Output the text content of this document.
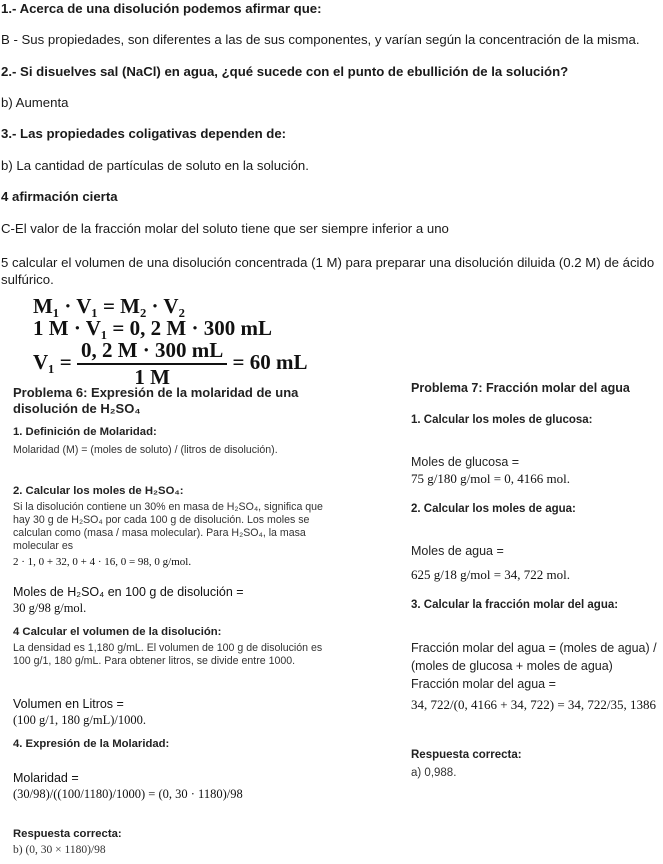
1.- Acerca de una disolución podemos afirmar que:
B - Sus propiedades, son diferentes a las de sus componentes, y varían según la concentración de la misma.
2.- Si disuelves sal (NaCl) en agua, ¿qué sucede con el punto de ebullición de la solución?
b) Aumenta
3.- Las propiedades coligativas dependen de:
b) La cantidad de partículas de soluto en la solución.
4 afirmación cierta
C-El valor de la fracción molar del soluto tiene que ser siempre inferior a uno
5 calcular el volumen de una disolución concentrada (1 M) para preparar una disolución diluida (0.2 M) de ácido sulfúrico.
M₁ · V₁ = M₂ · V₂
1 M · V₁ = 0, 2 M · 300 mL
$V_1 = \frac{0, 2 M \cdot 300 mL}{1 M} = 60$ mL
Problema 6: Expresión de la molaridad de una disolución de H₂SO₄
1. Definición de Molaridad:
Molaridad (M) = (moles de soluto) / (litros de disolución).
2. Calcular los moles de H₂SO₄:
Si la disolución contiene un 30% en masa de H₂SO₄, significa que hay 30 g de H₂SO₄ por cada 100 g de disolución. Los moles se calculan como (masa / masa molecular). Para H₂SO₄, la masa molecular es
2 · 1, 0 + 32, 0 + 4 · 16, 0 = 98, 0 g/mol.
Moles de H₂SO₄ en 100 g de disolución =
30 g/98 g/mol.
4 Calcular el volumen de la disolución:
La densidad es 1,180 g/mL. El volumen de 100 g de disolución es 100 g/1, 180 g/mL. Para obtener litros, se divide entre 1000.
Volumen en Litros =
(100 g/1, 180 g/mL)/1000.
4. Expresión de la Molaridad:
Molaridad =
(30/98)/((100/1180)/1000) = (0, 30 · 1180)/98
Respuesta correcta:
b) (0, 30 × 1180)/98
Problema 7: Fracción molar del agua
1. Calcular los moles de glucosa:
Moles de glucosa =
75 g/180 g/mol = 0, 4166 mol.
2. Calcular los moles de agua:
Moles de agua =
625 g/18 g/mol = 34, 722 mol.
3. Calcular la fracción molar del agua:
Fracción molar del agua = (moles de agua) /
(moles de glucosa + moles de agua)
Fracción molar del agua =
34, 722/(0, 4166 + 34, 722) = 34, 722/35, 1386
Respuesta correcta:
a) 0,988.
